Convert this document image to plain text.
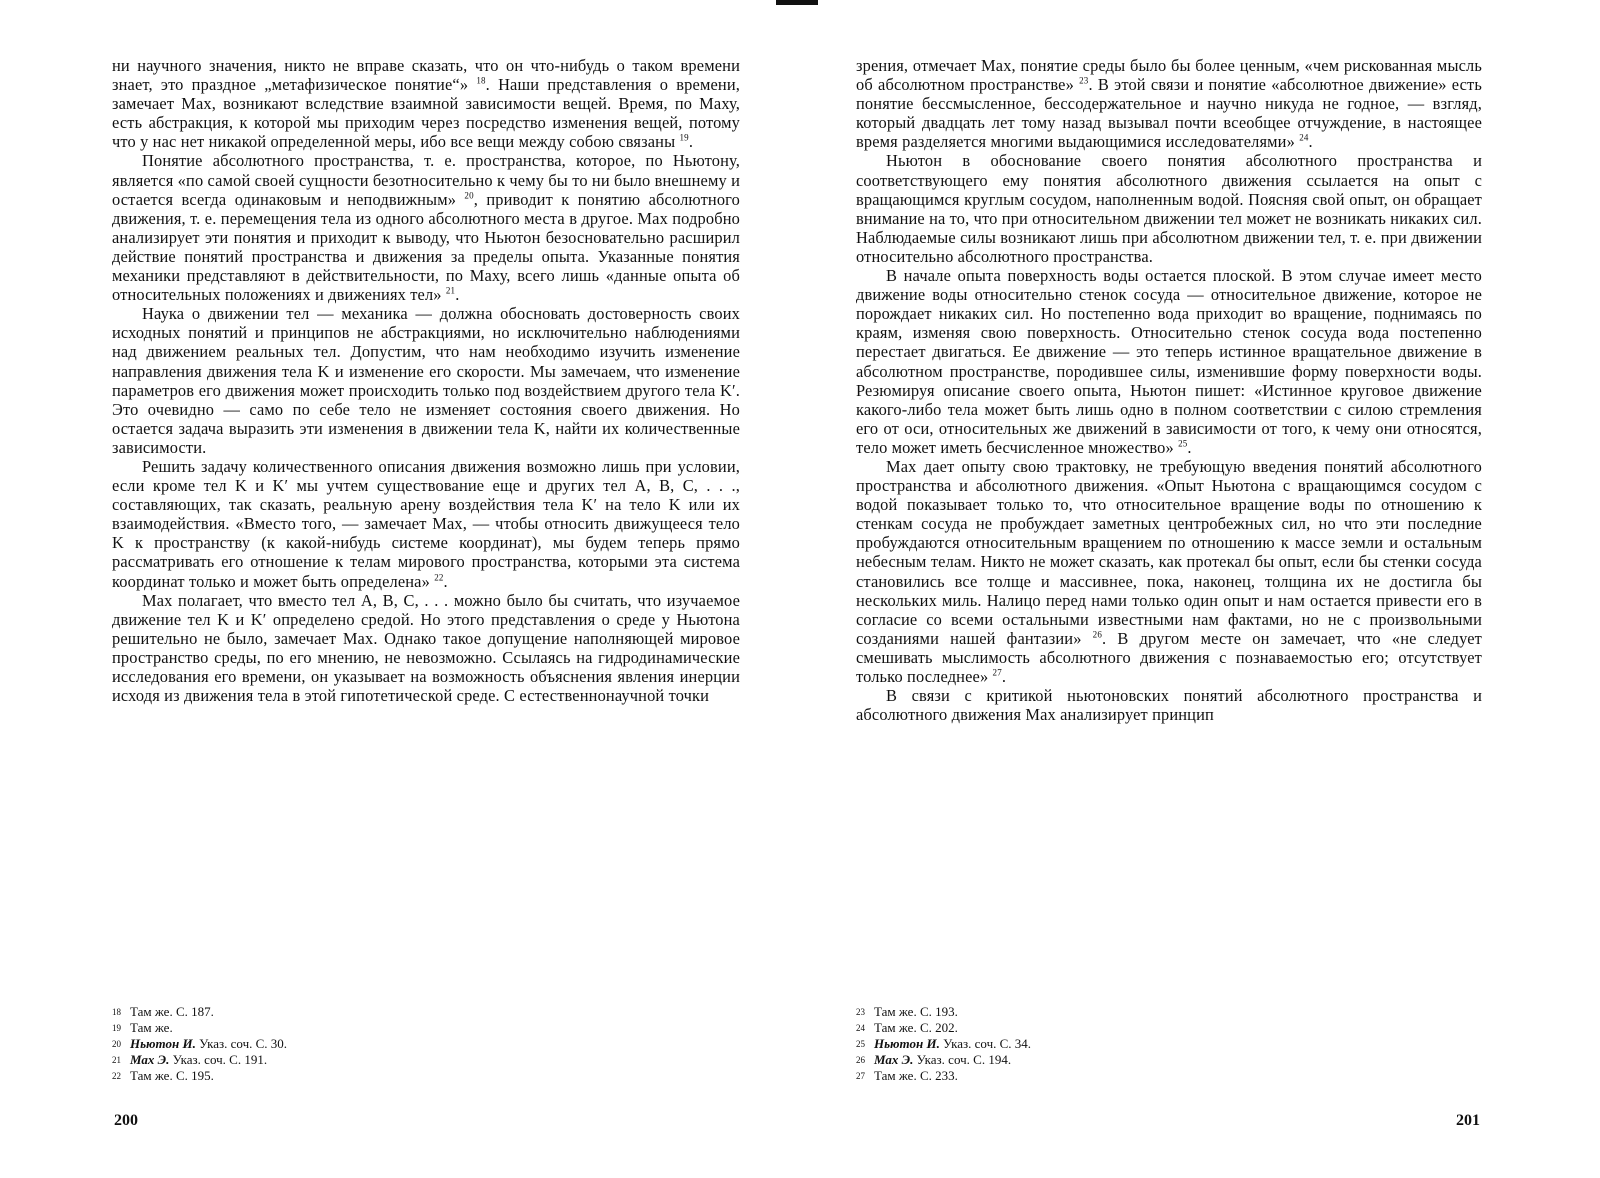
ни научного значения, никто не вправе сказать, что он что-нибудь о таком времени знает, это праздное „метафизическое понятие“» $^{18}$. Наши представления о времени, замечает Мах, возникают вследствие взаимной зависимости вещей. Время, по Маху, есть абстракция, к которой мы приходим через посредство изменения вещей, потому что у нас нет никакой определенной меры, ибо все вещи между собою связаны $^{19}$.

Понятие абсолютного пространства, т. е. пространства, которое, по Ньютону, является «по самой своей сущности безотносительно к чему бы то ни было внешнему и остается всегда одинаковым и неподвижным» $^{20}$, приводит к понятию абсолютного движения, т. е. перемещения тела из одного абсолютного места в другое. Мах подробно анализирует эти понятия и приходит к выводу, что Ньютон безосновательно расширил действие понятий пространства и движения за пределы опыта. Указанные понятия механики представляют в действительности, по Маху, всего лишь «данные опыта об относительных положениях и движениях тел» $^{21}$.

Наука о движении тел — механика — должна обосновать достоверность своих исходных понятий и принципов не абстракциями, но исключительно наблюдениями над движением реальных тел. Допустим, что нам необходимо изучить изменение направления движения тела K и изменение его скорости. Мы замечаем, что изменение параметров его движения может происходить только под воздействием другого тела K′. Это очевидно — само по себе тело не изменяет состояния своего движения. Но остается задача выразить эти изменения в движении тела K, найти их количественные зависимости.

Решить задачу количественного описания движения возможно лишь при условии, если кроме тел K и K′ мы учтем существование еще и других тел A, B, C, . . ., составляющих, так сказать, реальную арену воздействия тела K′ на тело K или их взаимодействия. «Вместо того, — замечает Мах, — чтобы относить движущееся тело K к пространству (к какой-нибудь системе координат), мы будем теперь прямо рассматривать его отношение к телам мирового пространства, которыми эта система координат только и может быть определена» $^{22}$.

Мах полагает, что вместо тел A, B, C, . . . можно было бы считать, что изучаемое движение тел K и K′ определено средой. Но этого представления о среде у Ньютона решительно не было, замечает Мах. Однако такое допущение наполняющей мировое пространство среды, по его мнению, не невозможно. Ссылаясь на гидродинамические исследования его времени, он указывает на возможность объяснения явления инерции исходя из движения тела в этой гипотетической среде. С естественнонаучной точки

18 Там же. С. 187.

19 Там же.

20 Ньютон И. Указ. соч. С. 30.

21 Мах Э. Указ. соч. С. 191.

22 Там же. С. 195.

200

зрения, отмечает Мах, понятие среды было бы более ценным, «чем рискованная мысль об абсолютном пространстве» $^{23}$. В этой связи и понятие «абсолютное движение» есть понятие бессмысленное, бессодержательное и научно никуда не годное, — взгляд, который двадцать лет тому назад вызывал почти всеобщее отчуждение, в настоящее время разделяется многими выдающимися исследователями» $^{24}$.

Ньютон в обоснование своего понятия абсолютного пространства и соответствующего ему понятия абсолютного движения ссылается на опыт с вращающимся круглым сосудом, наполненным водой. Поясняя свой опыт, он обращает внимание на то, что при относительном движении тел может не возникать никаких сил. Наблюдаемые силы возникают лишь при абсолютном движении тел, т. е. при движении относительно абсолютного пространства.

В начале опыта поверхность воды остается плоской. В этом случае имеет место движение воды относительно стенок сосуда — относительное движение, которое не порождает никаких сил. Но постепенно вода приходит во вращение, поднимаясь по краям, изменяя свою поверхность. Относительно стенок сосуда вода постепенно перестает двигаться. Ее движение — это теперь истинное вращательное движение в абсолютном пространстве, породившее силы, изменившие форму поверхности воды. Резюмируя описание своего опыта, Ньютон пишет: «Истинное круговое движение какого-либо тела может быть лишь одно в полном соответствии с силою стремления его от оси, относительных же движений в зависимости от того, к чему они относятся, тело может иметь бесчисленное множество» $^{25}$.

Мах дает опыту свою трактовку, не требующую введения понятий абсолютного пространства и абсолютного движения. «Опыт Ньютона с вращающимся сосудом с водой показывает только то, что относительное вращение воды по отношению к стенкам сосуда не пробуждает заметных центробежных сил, но что эти последние пробуждаются относительным вращением по отношению к массе земли и остальным небесным телам. Никто не может сказать, как протекал бы опыт, если бы стенки сосуда становились все толще и массивнее, пока, наконец, толщина их не достигла бы нескольких миль. Налицо перед нами только один опыт и нам остается привести его в согласие со всеми остальными известными нам фактами, но не с произвольными созданиями нашей фантазии» $^{26}$. В другом месте он замечает, что «не следует смешивать мыслимость абсолютного движения с познаваемостью его; отсутствует только последнее» $^{27}$.

В связи с критикой ньютоновских понятий абсолютного пространства и абсолютного движения Мах анализирует принцип

23 Там же. С. 193.

24 Там же. С. 202.

25 Ньютон И. Указ. соч. С. 34.

26 Мах Э. Указ. соч. С. 194.

27 Там же. С. 233.

201
